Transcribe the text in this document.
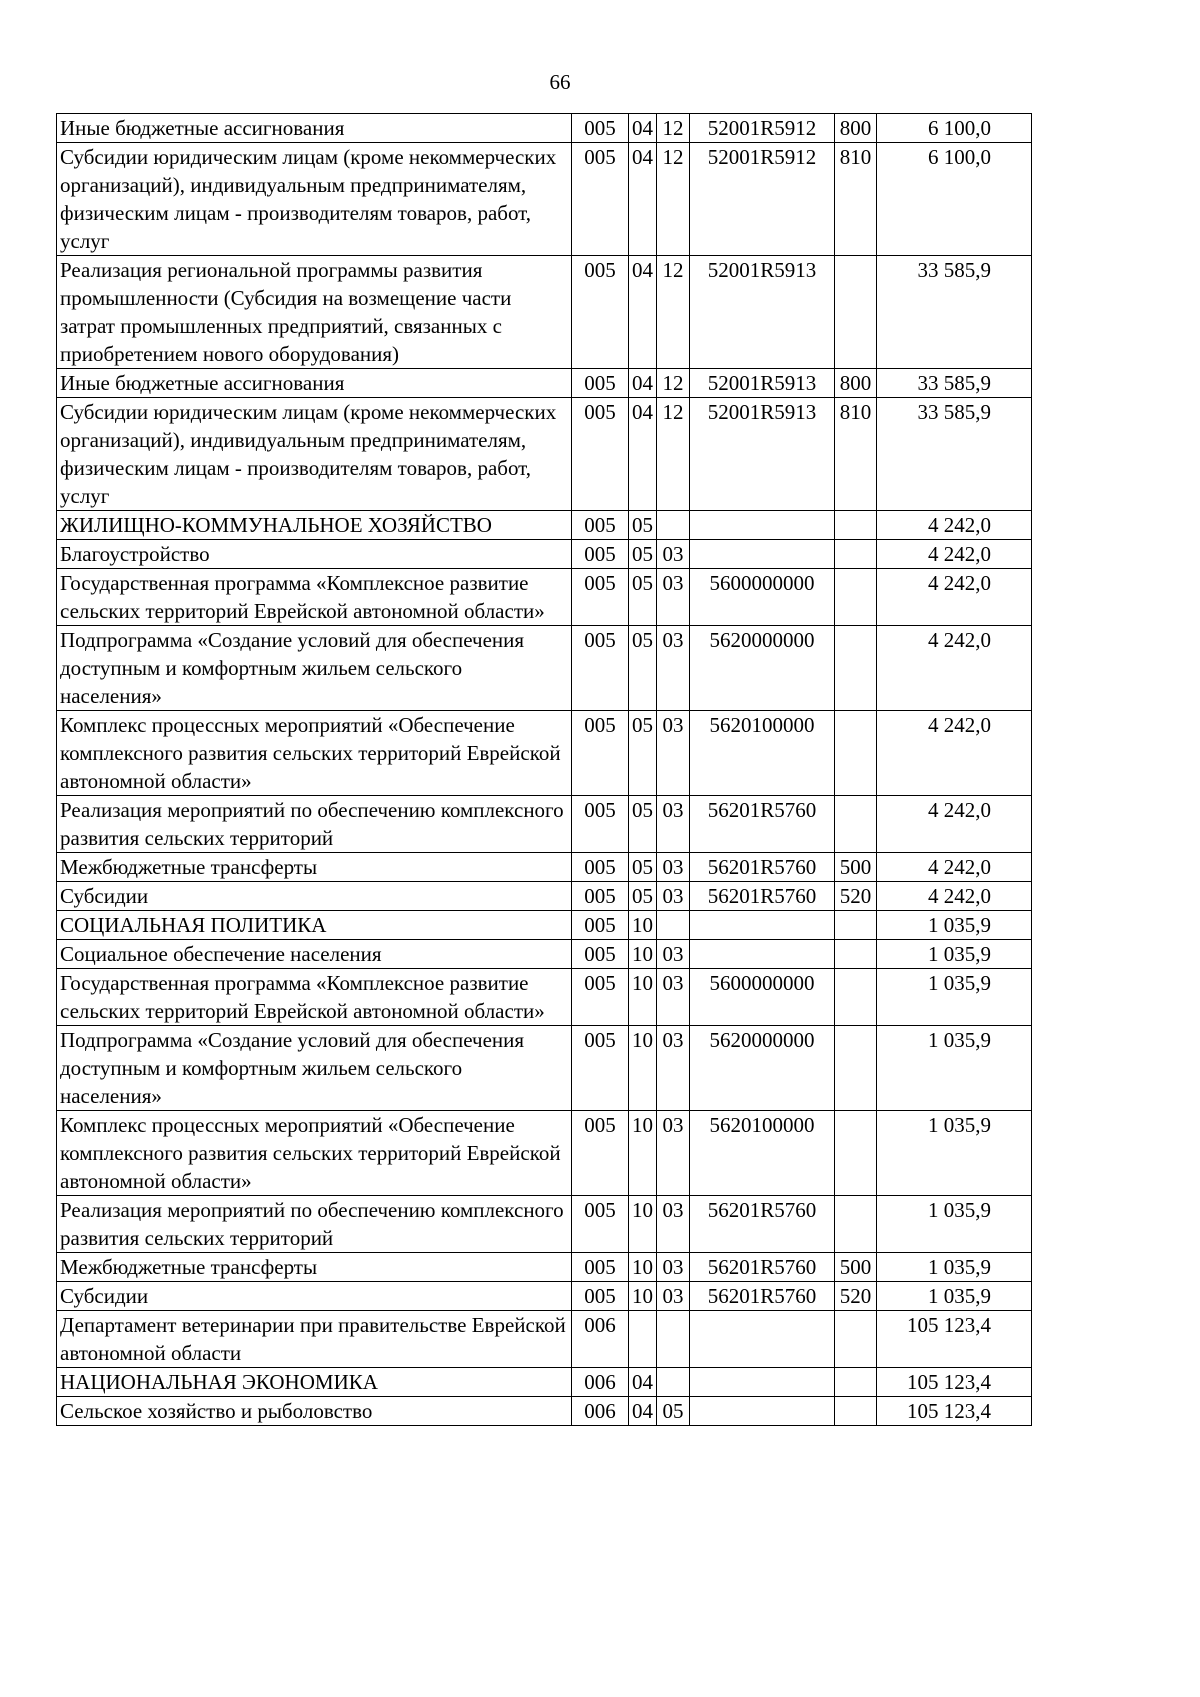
66
Иные бюджетные ассигнования	005	04	12	52001R5912	800	6 100,0
Субсидии юридическим лицам (кроме некоммерческих организаций), индивидуальным предпринимателям, физическим лицам - производителям товаров, работ, услуг	005	04	12	52001R5912	810	6 100,0
Реализация региональной программы развития промышленности (Субсидия на возмещение части затрат промышленных предприятий, связанных с приобретением нового оборудования)	005	04	12	52001R5913		33 585,9
Иные бюджетные ассигнования	005	04	12	52001R5913	800	33 585,9
Субсидии юридическим лицам (кроме некоммерческих организаций), индивидуальным предпринимателям, физическим лицам - производителям товаров, работ, услуг	005	04	12	52001R5913	810	33 585,9
ЖИЛИЩНО-КОММУНАЛЬНОЕ ХОЗЯЙСТВО	005	05				4 242,0
Благоустройство	005	05	03			4 242,0
Государственная программа «Комплексное развитие сельских территорий Еврейской автономной области»	005	05	03	5600000000		4 242,0
Подпрограмма «Создание условий для обеспечения доступным и комфортным жильем сельского населения»	005	05	03	5620000000		4 242,0
Комплекс процессных мероприятий «Обеспечение комплексного развития сельских территорий Еврейской автономной области»	005	05	03	5620100000		4 242,0
Реализация мероприятий по обеспечению комплексного развития сельских территорий	005	05	03	56201R5760		4 242,0
Межбюджетные трансферты	005	05	03	56201R5760	500	4 242,0
Субсидии	005	05	03	56201R5760	520	4 242,0
СОЦИАЛЬНАЯ ПОЛИТИКА	005	10				1 035,9
Социальное обеспечение населения	005	10	03			1 035,9
Государственная программа «Комплексное развитие сельских территорий Еврейской автономной области»	005	10	03	5600000000		1 035,9
Подпрограмма «Создание условий для обеспечения доступным и комфортным жильем сельского населения»	005	10	03	5620000000		1 035,9
Комплекс процессных мероприятий «Обеспечение комплексного развития сельских территорий Еврейской автономной области»	005	10	03	5620100000		1 035,9
Реализация мероприятий по обеспечению комплексного развития сельских территорий	005	10	03	56201R5760		1 035,9
Межбюджетные трансферты	005	10	03	56201R5760	500	1 035,9
Субсидии	005	10	03	56201R5760	520	1 035,9
Департамент ветеринарии при правительстве Еврейской автономной области	006					105 123,4
НАЦИОНАЛЬНАЯ ЭКОНОМИКА	006	04				105 123,4
Сельское хозяйство и рыболовство	006	04	05			105 123,4
